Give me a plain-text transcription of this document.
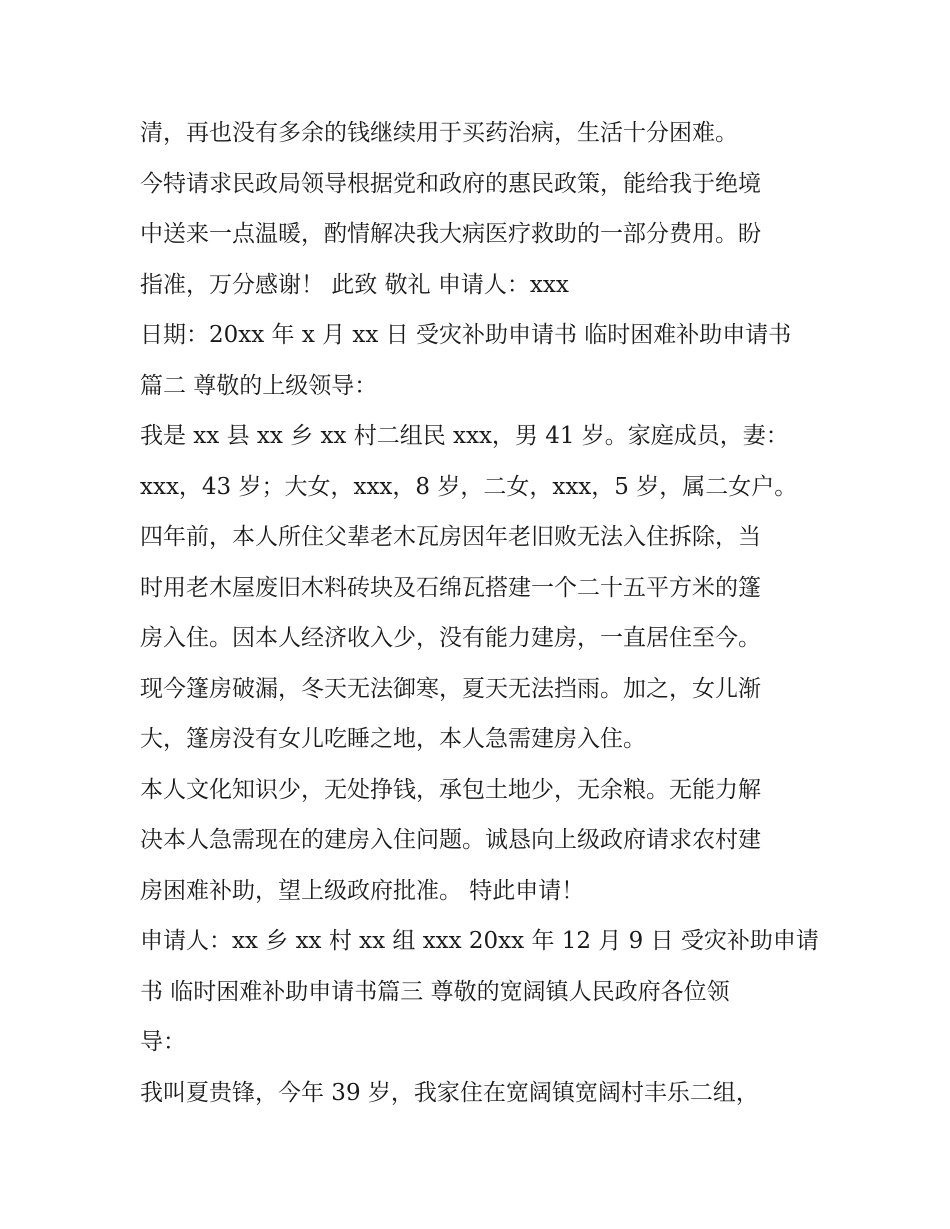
清，再也没有多余的钱继续用于买药治病，生活十分困难。
今特请求民政局领导根据党和政府的惠民政策，能给我于绝境
中送来一点温暖，酌情解决我大病医疗救助的一部分费用。盼
指准，万分感谢！ 此致 敬礼 申请人：xxx
日期：20xx 年 x 月 xx 日 受灾补助申请书 临时困难补助申请书
篇二 尊敬的上级领导：
我是 xx 县 xx 乡 xx 村二组民 xxx，男 41 岁。家庭成员，妻：
xxx，43 岁；大女，xxx，8 岁，二女，xxx，5 岁，属二女户。
四年前，本人所住父辈老木瓦房因年老旧败无法入住拆除，当
时用老木屋废旧木料砖块及石绵瓦搭建一个二十五平方米的篷
房入住。因本人经济收入少，没有能力建房，一直居住至今。
现今篷房破漏，冬天无法御寒，夏天无法挡雨。加之，女儿渐
大，篷房没有女儿吃睡之地，本人急需建房入住。
本人文化知识少，无处挣钱，承包土地少，无余粮。无能力解
决本人急需现在的建房入住问题。诚恳向上级政府请求农村建
房困难补助，望上级政府批准。 特此申请！
申请人：xx 乡 xx 村 xx 组 xxx 20xx 年 12 月 9 日 受灾补助申请
书 临时困难补助申请书篇三 尊敬的宽阔镇人民政府各位领
导：
我叫夏贵锋，今年 39 岁，我家住在宽阔镇宽阔村丰乐二组，
